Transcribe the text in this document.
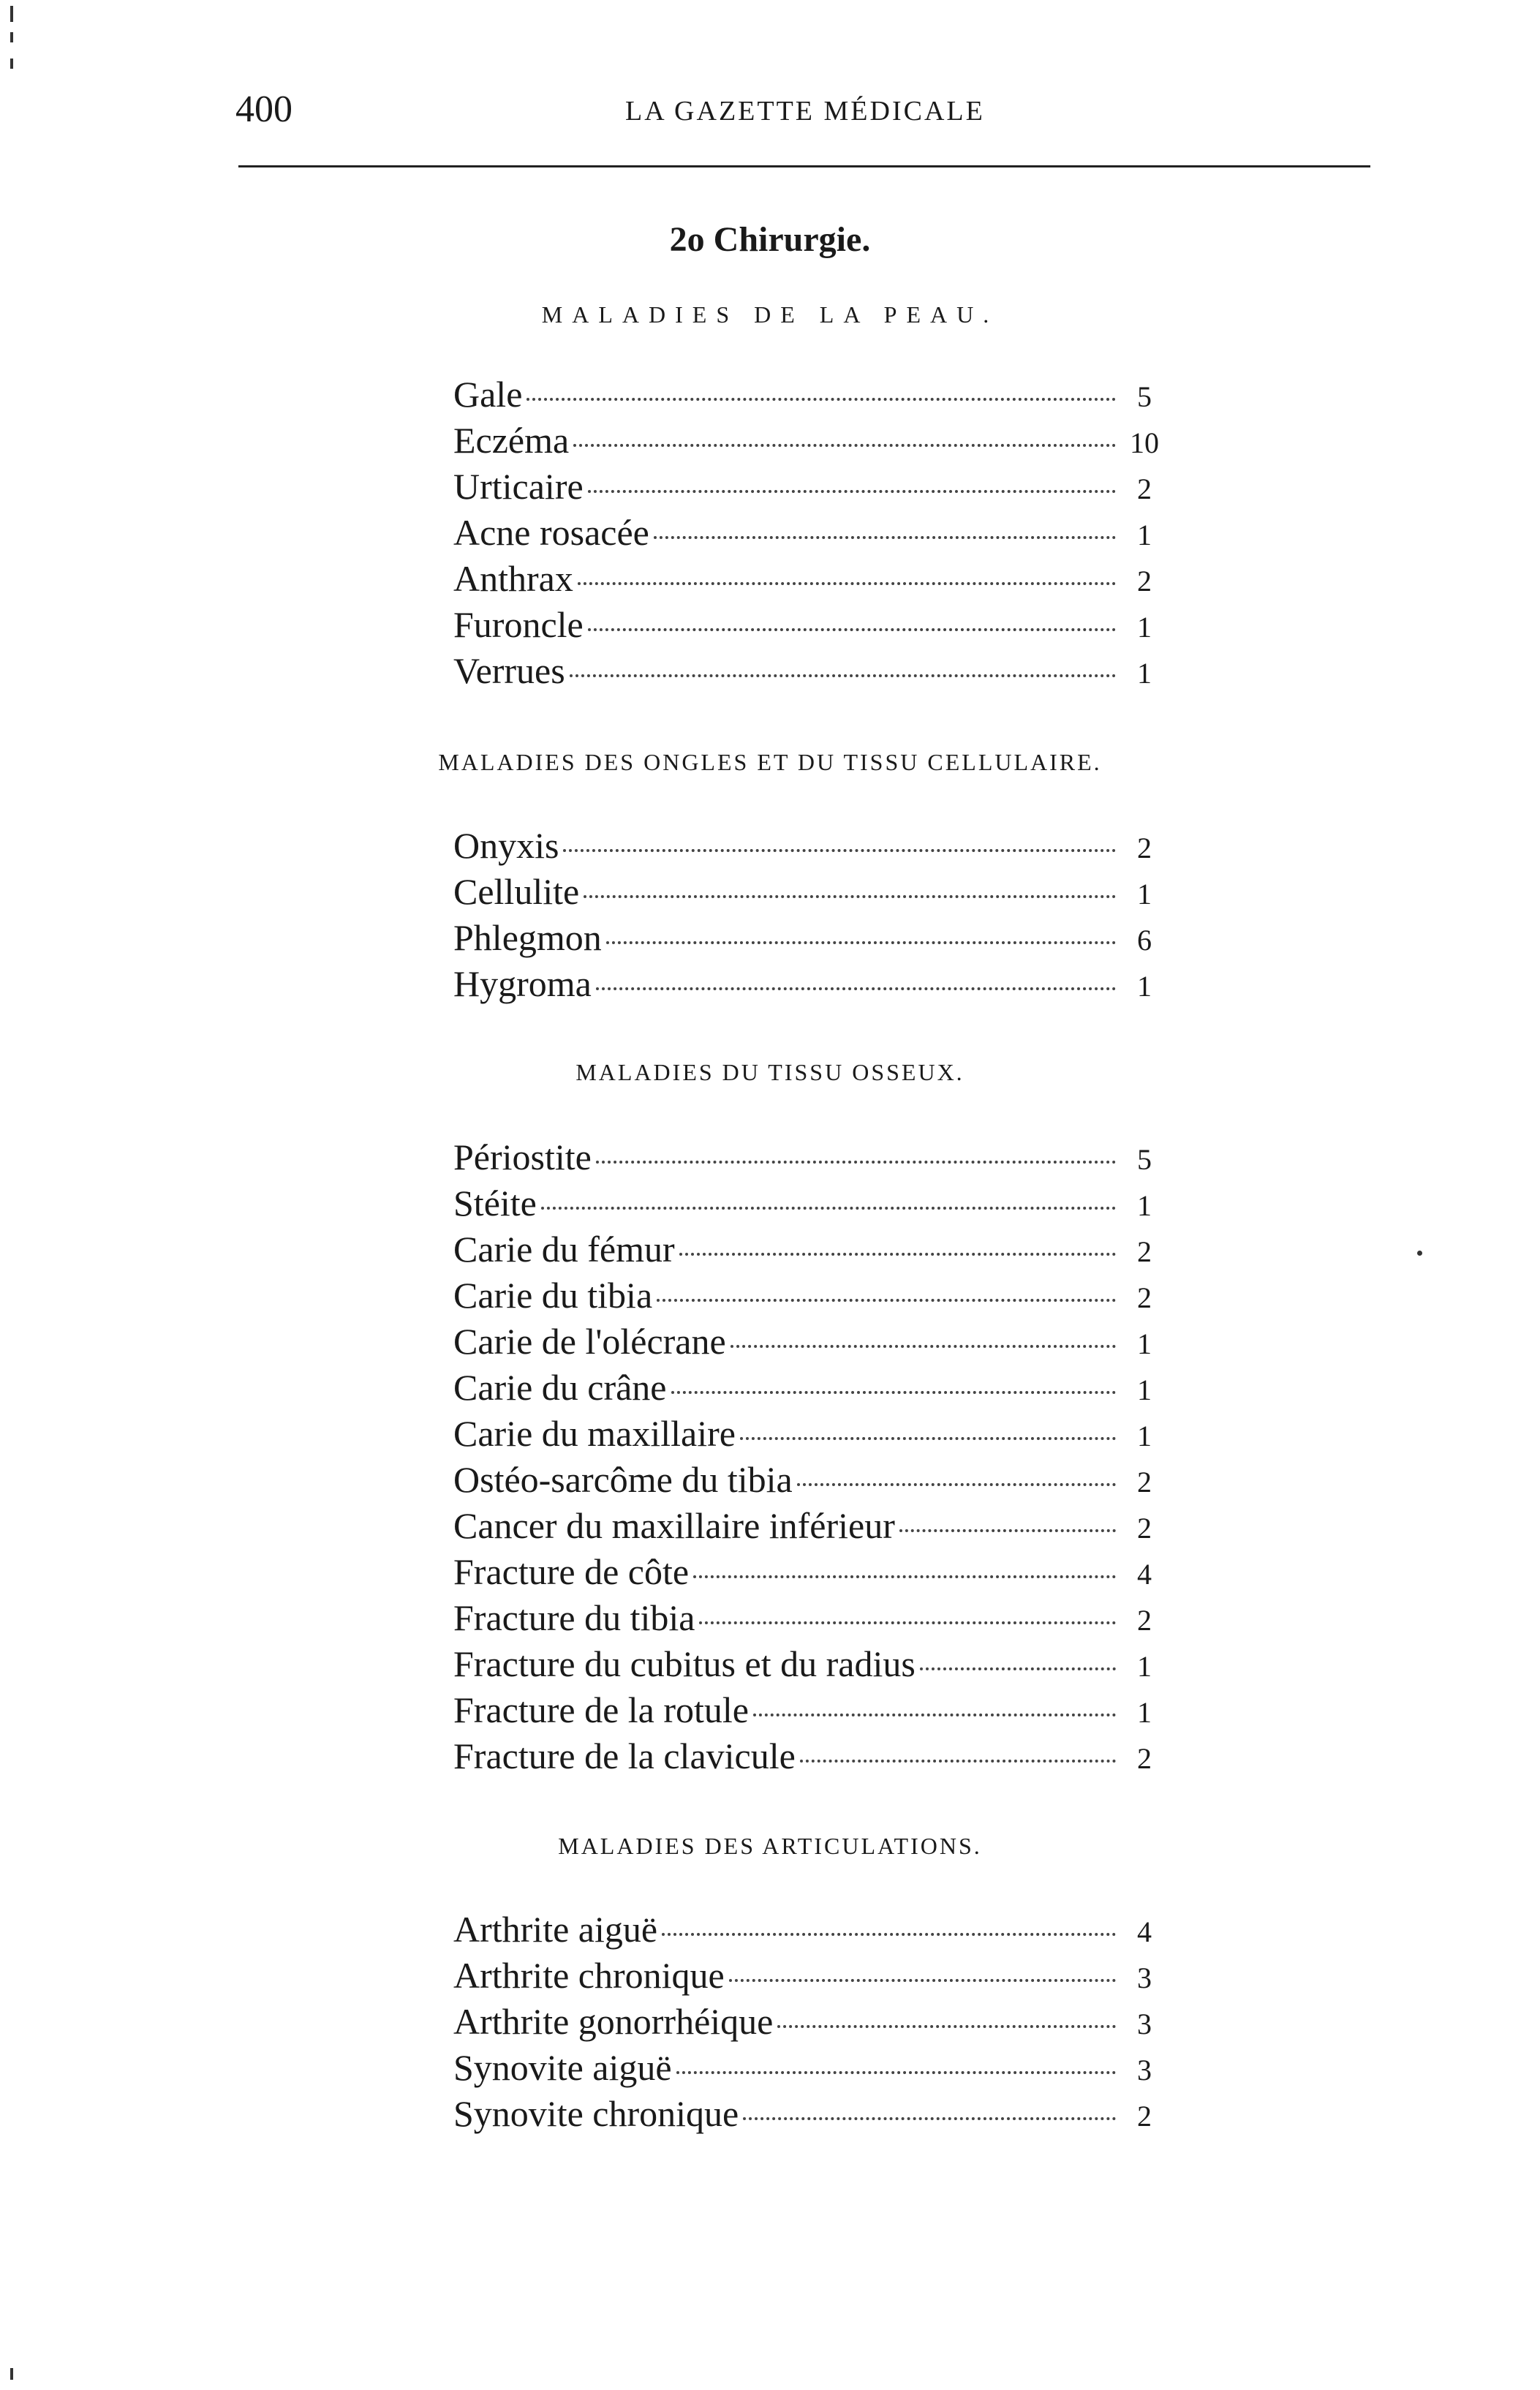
400	LA GAZETTE MÉDICALE
2o Chirurgie.
MALADIES DE LA PEAU.
Gale	5
Eczéma	10
Urticaire	2
Acne rosacée	1
Anthrax	2
Furoncle	1
Verrues	1
MALADIES DES ONGLES ET DU TISSU CELLULAIRE.
Onyxis	2
Cellulite	1
Phlegmon	6
Hygroma	1
MALADIES DU TISSU OSSEUX.
Périostite	5
Stéite	1
Carie du fémur	2
Carie du tibia	2
Carie de l'olécrane	1
Carie du crâne	1
Carie du maxillaire	1
Ostéo-sarcôme du tibia	2
Cancer du maxillaire inférieur	2
Fracture de côte	4
Fracture du tibia	2
Fracture du cubitus et du radius	1
Fracture de la rotule	1
Fracture de la clavicule	2
MALADIES DES ARTICULATIONS.
Arthrite aiguë	4
Arthrite chronique	3
Arthrite gonorrhéique	3
Synovite aiguë	3
Synovite chronique	2
